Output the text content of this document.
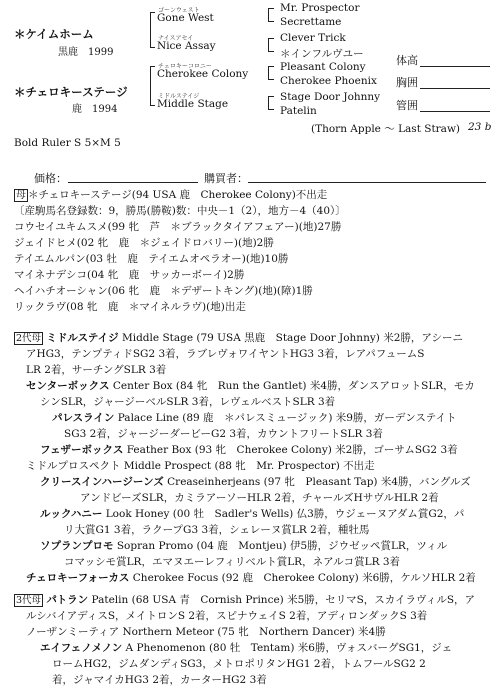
＊ケイムホーム
黒鹿　1999
＊チェロキーステージ
鹿　1994
ゴーンウェスト
Gone West
ナイスアセイ
Nice Assay
チェロキーコロニー
Cherokee Colony
ミドルステイジ
Middle Stage
Mr. Prospector
Secrettame
Clever Trick
＊インフルヴユー
Pleasant Colony
Cherokee Phoenix
Stage Door Johnny
Patelin
(Thorn Apple ～ Last Straw) 23 b
体高
胸囲
管囲
Bold Ruler S 5×M 5
価格：	購買者：
母 ＊チェロキーステージ(94 USA 鹿　Cherokee Colony)不出走
〔産駒馬名登録数：9，勝馬(勝鞍)数：中央－1（2），地方－4（40）〕
コウセイユキムスメ(99 牝　芦　＊ブラックタイアフェアー)(地)27勝
ジェイドヒメ(02 牝　鹿　＊ジェイドロバリー)(地)2勝
テイエムルパン(03 牡　鹿　テイエムオペラオー)(地)10勝
マイネナデシコ(04 牝　鹿　サッカーボーイ)2勝
ヘイハチオーシャン(06 牝　鹿　＊デザートキング)(地)(障)1勝
リックラヴ(08 牝　鹿　＊マイネルラヴ)(地)出走
2代母 ミドルステイジ Middle Stage (79 USA 黒鹿　Stage Door Johnny) 米2勝，アシーニ
アHG3，テンプティドSG2 3着，ラブレヴォワイヤントHG3 3着，レアパフュームS
LR 2着，サーチングSLR 3着
センターボックス Center Box (84 牝　Run the Gantlet) 米4勝，ダンスアロットSLR，モカ
シンSLR，ジャージーベルSLR 3着，レヴェルベストSLR 3着
パレスライン Palace Line (89 鹿　＊パレスミュージック) 米9勝，ガーデンステイト
SG3 2着，ジャージーダービーG2 3着，カウントフリートSLR 3着
フェザーボックス Feather Box (93 牝　Cherokee Colony) 米2勝，ゴーサムSG2 3着
ミドルプロスペクト Middle Prospect (88 牝　Mr. Prospector) 不出走
クリースインハージーンズ Creaseinherjeans (97 牝　Pleasant Tap) 米4勝，バングルズ
アンドビーズSLR，カミラアーソーHLR 2着，チャールズHサヴルHLR 2着
ルックハニー Look Honey (00 牡　Sadler's Wells) 仏3勝，ウジェーヌアダム賞G2，パ
リ大賞G1 3着，ラクープG3 3着，シェレーヌ賞LR 2着，種牡馬
ソプランプロモ Sopran Promo (04 鹿　Montjeu) 伊5勝，ジウゼッペ賞LR，ツィル
コマッシモ賞LR，エマヌエーレフィリベルト賞LR，ネアルコ賞LR 3着
チェロキーフォーカス Cherokee Focus (92 鹿　Cherokee Colony) 米6勝，ケルソHLR 2着
3代母 パトラン Patelin (68 USA 青　Cornish Prince) 米5勝，セリマS，スカイラヴィルS，ア
ルシバイアディスS，メイトロンS 2着，スピナウェイS 2着，アディロンダックS 3着
ノーザンミーティア Northern Meteor (75 牝　Northern Dancer) 米4勝
エイフェノメノン A Phenomenon (80 牡　Tentam) 米6勝，ヴォスバーグSG1，ジェ
ロームHG2，ジムダンディSG3，メトロポリタンHG1 2着，トムフールSG2 2
着，ジャマイカHG3 2着，カーターHG2 3着
